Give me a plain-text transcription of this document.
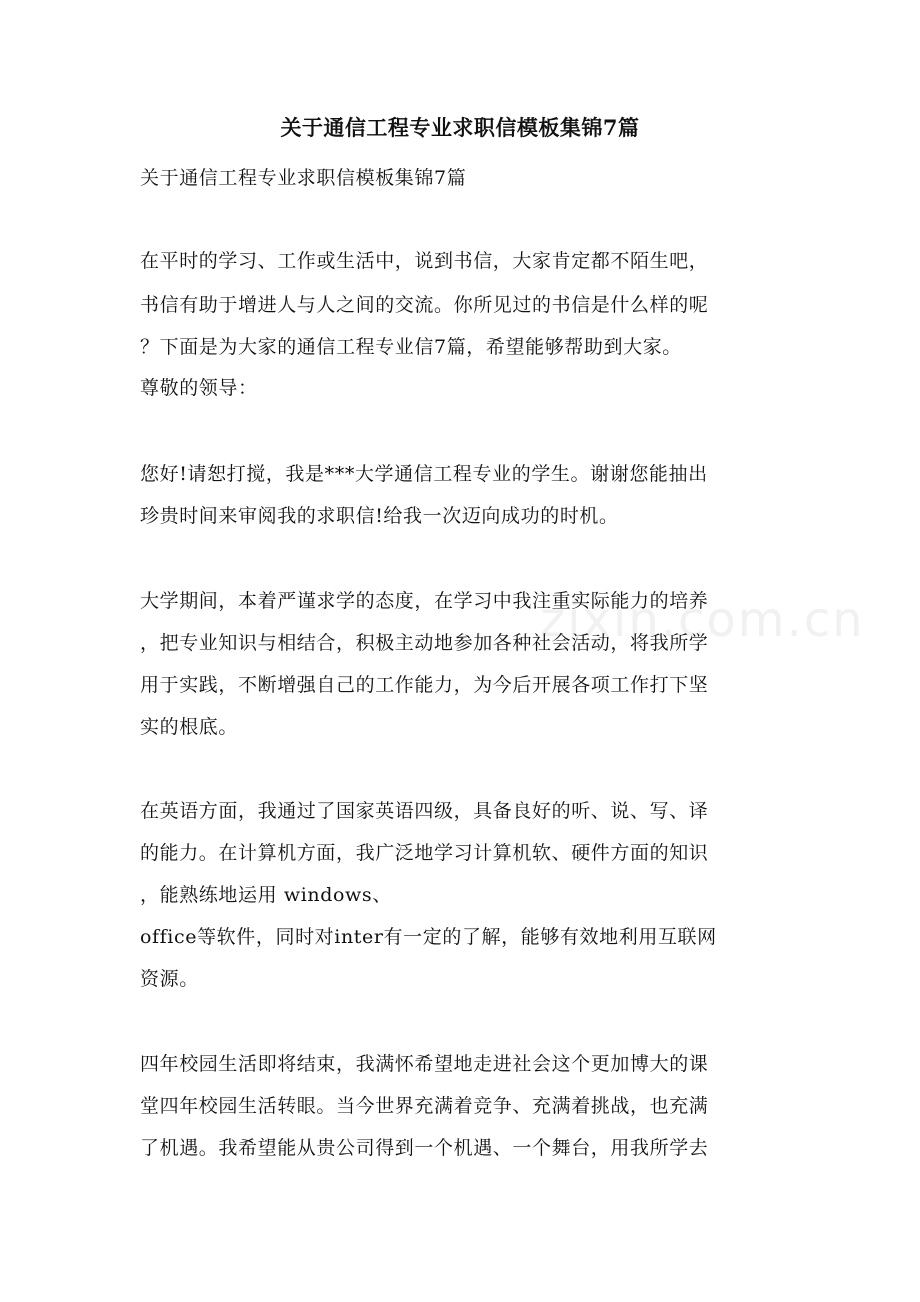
zixin.com.cn
关于通信工程专业求职信模板集锦7篇
关于通信工程专业求职信模板集锦7篇
在平时的学习、工作或生活中，说到书信，大家肯定都不陌生吧，
书信有助于增进人与人之间的交流。你所见过的书信是什么样的呢
？下面是为大家的通信工程专业信7篇，希望能够帮助到大家。
尊敬的领导：
您好!请恕打搅，我是***大学通信工程专业的学生。谢谢您能抽出
珍贵时间来审阅我的求职信!给我一次迈向成功的时机。
大学期间，本着严谨求学的态度，在学习中我注重实际能力的培养
，把专业知识与相结合，积极主动地参加各种社会活动，将我所学
用于实践，不断增强自己的工作能力，为今后开展各项工作打下坚
实的根底。
在英语方面，我通过了国家英语四级，具备良好的听、说、写、译
的能力。在计算机方面，我广泛地学习计算机软、硬件方面的知识
，能熟练地运用 windows、
office等软件，同时对inter有一定的了解，能够有效地利用互联网
资源。
四年校园生活即将结束，我满怀希望地走进社会这个更加博大的课
堂四年校园生活转眼。当今世界充满着竞争、充满着挑战，也充满
了机遇。我希望能从贵公司得到一个机遇、一个舞台，用我所学去
